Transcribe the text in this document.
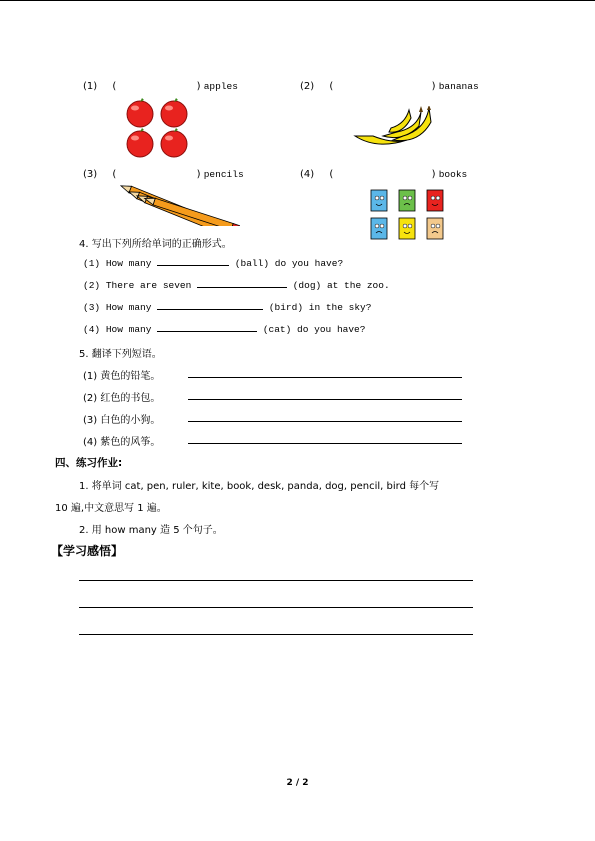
(1) (	) apples	(2) (	) bananas
(3) (	) pencils	(4) (	) books
4. 写出下列所给单词的正确形式。
(1) How many	(ball) do you have?
(2) There are seven	(dog) at the zoo.
(3) How many	(bird) in the sky?
(4) How many	(cat) do you have?
5. 翻译下列短语。
(1) 黄色的铅笔。
(2) 红色的书包。
(3) 白色的小狗。
(4) 紫色的风筝。
四、练习作业:
1. 将单词 cat, pen, ruler, kite, book, desk, panda, dog, pencil, bird 每个写
10 遍,中文意思写 1 遍。
2. 用 how many 造 5 个句子。
【学习感悟】
2 / 2
